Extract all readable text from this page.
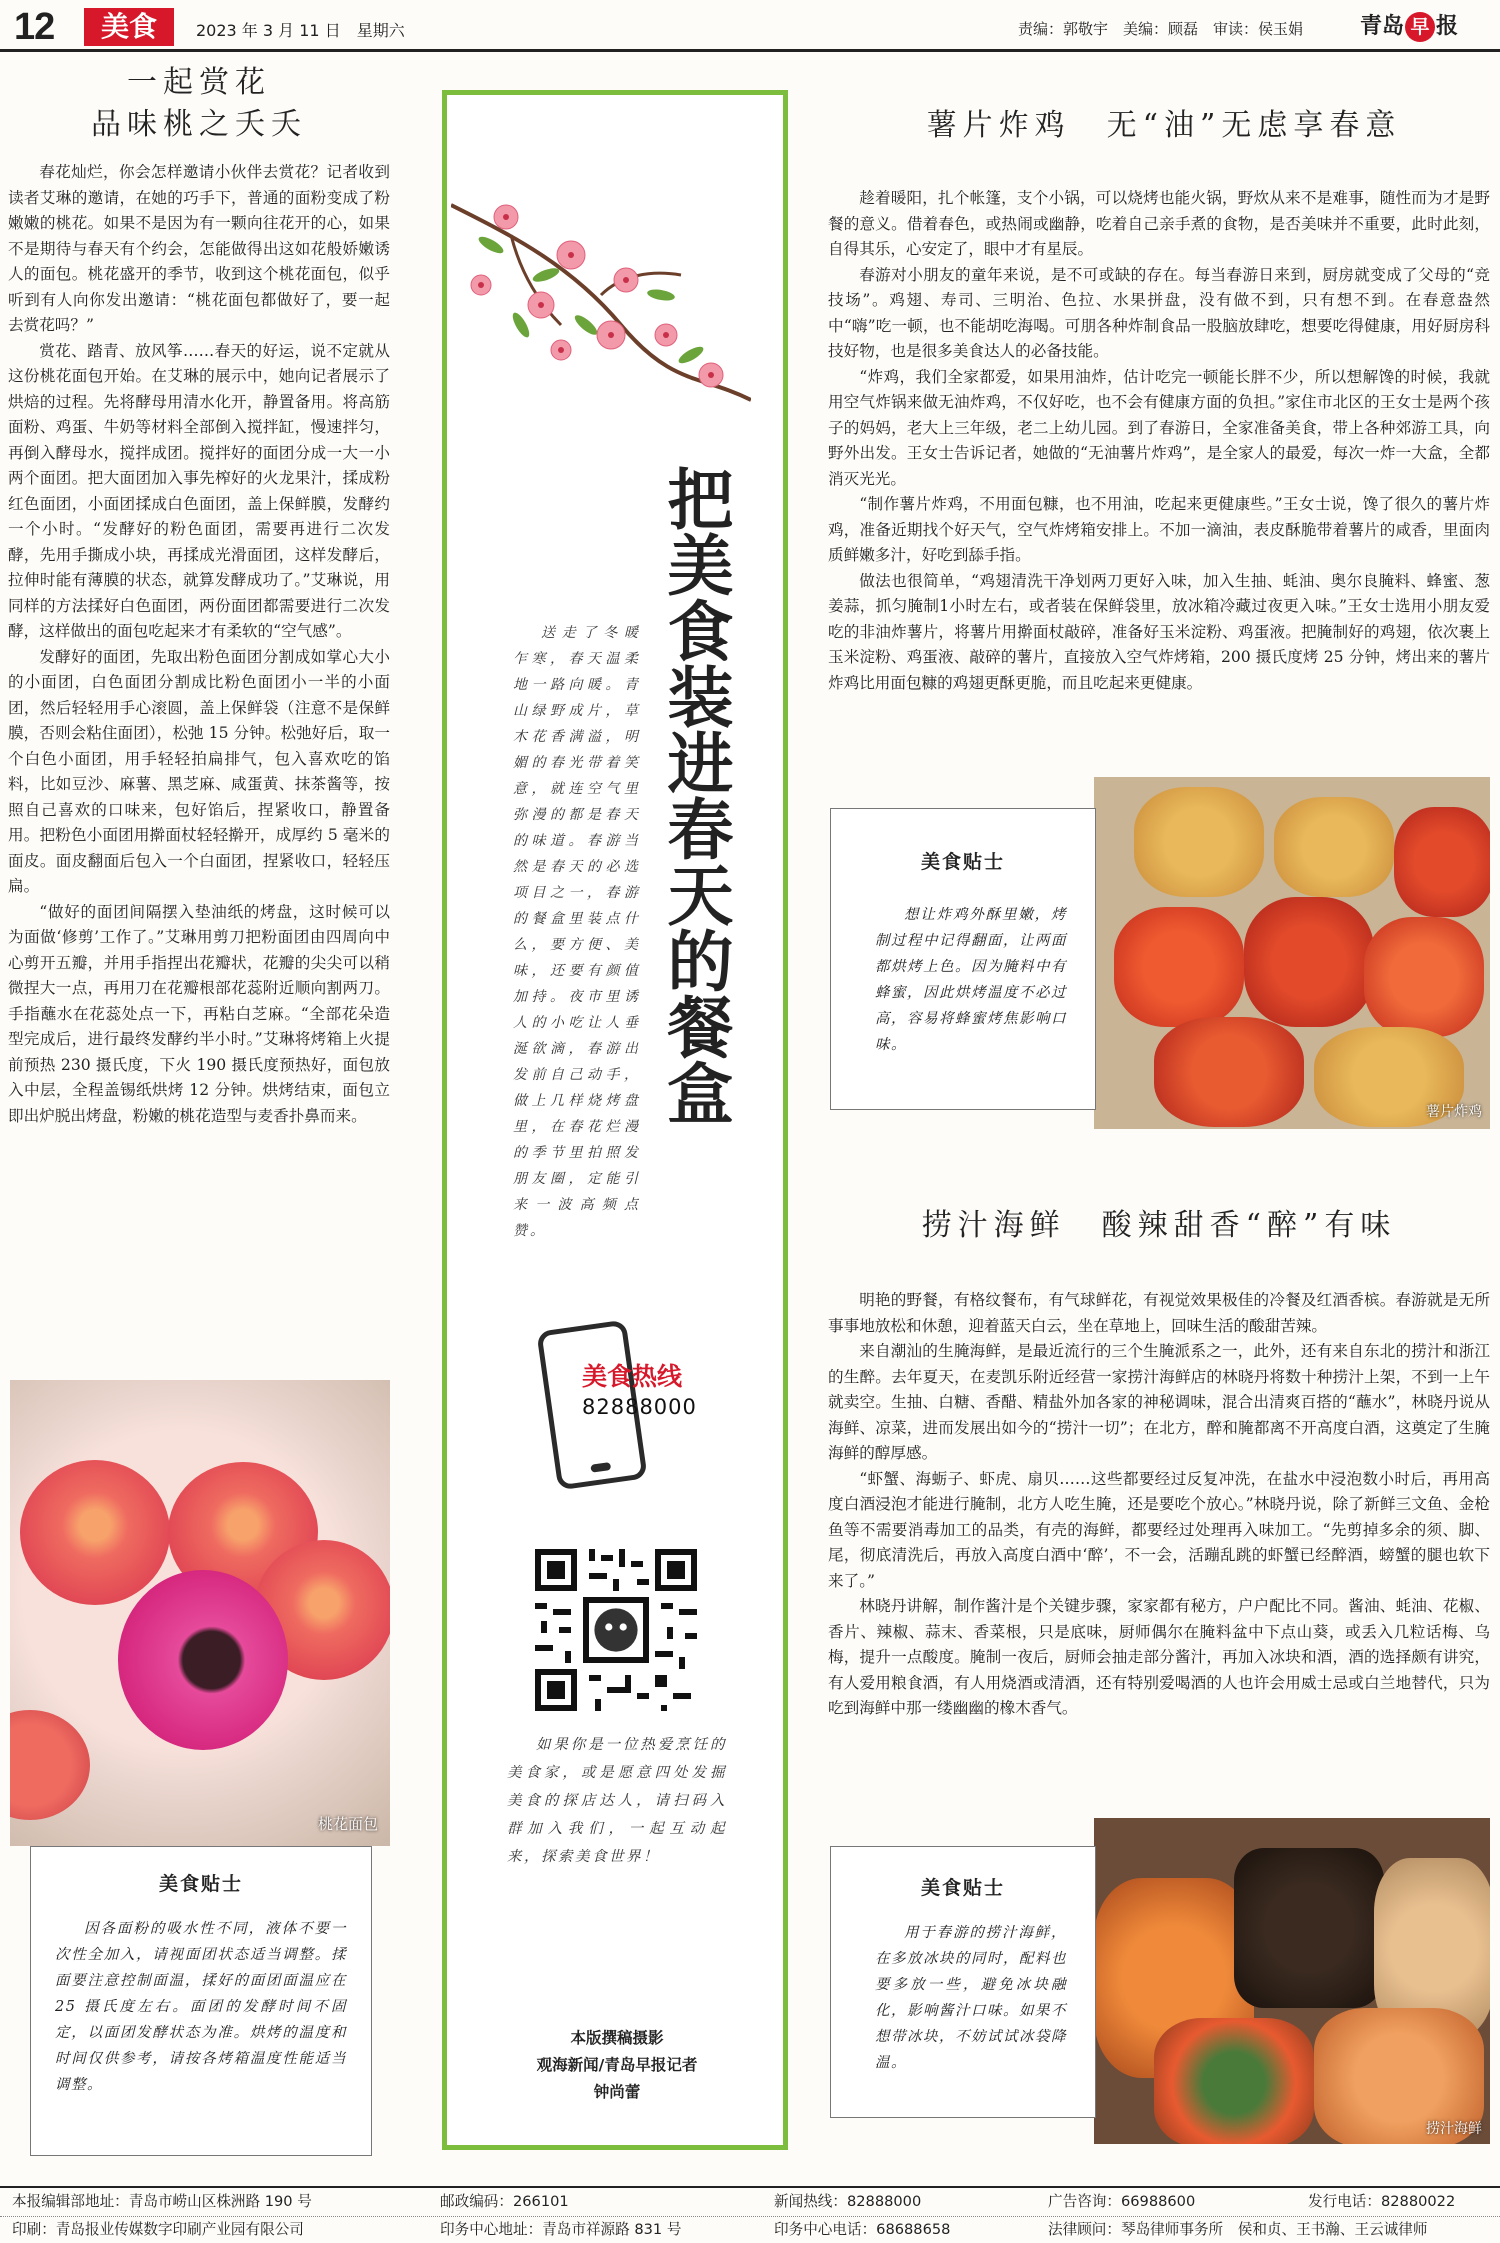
12	美食	2023 年 3 月 11 日　星期六	责编：郭敬宇　美编：顾磊　审读：侯玉娟	青岛 早 报
一起赏花
品味桃之夭夭

春花灿烂，你会怎样邀请小伙伴去赏花？记者收到读者艾琳的邀请，在她的巧手下，普通的面粉变成了粉嫩嫩的桃花。如果不是因为有一颗向往花开的心，如果不是期待与春天有个约会，怎能做得出这如花般娇嫩诱人的面包。桃花盛开的季节，收到这个桃花面包，似乎听到有人向你发出邀请：“桃花面包都做好了，要一起去赏花吗？”

赏花、踏青、放风筝……春天的好运，说不定就从这份桃花面包开始。在艾琳的展示中，她向记者展示了烘焙的过程。先将酵母用清水化开，静置备用。将高筋面粉、鸡蛋、牛奶等材料全部倒入搅拌缸，慢速拌匀，再倒入酵母水，搅拌成团。搅拌好的面团分成一大一小两个面团。把大面团加入事先榨好的火龙果汁，揉成粉红色面团，小面团揉成白色面团，盖上保鲜膜，发酵约一个小时。“发酵好的粉色面团，需要再进行二次发酵，先用手撕成小块，再揉成光滑面团，这样发酵后，拉伸时能有薄膜的状态，就算发酵成功了。”艾琳说，用同样的方法揉好白色面团，两份面团都需要进行二次发酵，这样做出的面包吃起来才有柔软的“空气感”。

发酵好的面团，先取出粉色面团分割成如掌心大小的小面团，白色面团分割成比粉色面团小一半的小面团，然后轻轻用手心滚圆，盖上保鲜袋（注意不是保鲜膜，否则会粘住面团），松弛 15 分钟。松弛好后，取一个白色小面团，用手轻轻拍扁排气，包入喜欢吃的馅料，比如豆沙、麻薯、黑芝麻、咸蛋黄、抹茶酱等，按照自己喜欢的口味来，包好馅后，捏紧收口，静置备用。把粉色小面团用擀面杖轻轻擀开，成厚约 5 毫米的面皮。面皮翻面后包入一个白面团，捏紧收口，轻轻压扁。

“做好的面团间隔摆入垫油纸的烤盘，这时候可以为面做‘修剪’工作了。”艾琳用剪刀把粉面团由四周向中心剪开五瓣，并用手指捏出花瓣状，花瓣的尖尖可以稍微捏大一点，再用刀在花瓣根部花蕊附近顺向割两刀。手指蘸水在花蕊处点一下，再粘白芝麻。“全部花朵造型完成后，进行最终发酵约半小时。”艾琳将烤箱上火提前预热 230 摄氏度，下火 190 摄氏度预热好，面包放入中层，全程盖锡纸烘烤 12 分钟。烘烤结束，面包立即出炉脱出烤盘，粉嫩的桃花造型与麦香扑鼻而来。

桃花面包
美食贴士
因各面粉的吸水性不同，液体不要一次性全加入，请视面团状态适当调整。揉面要注意控制面温，揉好的面团面温应在 25 摄氏度左右。面团的发酵时间不固定，以面团发酵状态为准。烘烤的温度和时间仅供参考，请按各烤箱温度性能适当调整。
把美食装进春天的餐盒
送走了冬暖乍寒，春天温柔地一路向暖。青山绿野成片，草木花香满溢，明媚的春光带着笑意，就连空气里弥漫的都是春天的味道。春游当然是春天的必选项目之一，春游的餐盒里装点什么，要方便、美味，还要有颜值加持。夜市里诱人的小吃让人垂涎欲滴，春游出发前自己动手，做上几样烧烤盘里，在春花烂漫的季节里拍照发朋友圈，定能引来一波高频点赞。
美食热线
82888000
如果你是一位热爱烹饪的美食家，或是愿意四处发掘美食的探店达人，请扫码入群加入我们，一起互动起来，探索美食世界！
本版撰稿摄影
观海新闻/青岛早报记者
钟尚蕾
薯片炸鸡　无“油”无虑享春意

趁着暖阳，扎个帐篷，支个小锅，可以烧烤也能火锅，野炊从来不是难事，随性而为才是野餐的意义。借着春色，或热闹或幽静，吃着自己亲手煮的食物，是否美味并不重要，此时此刻，自得其乐，心安定了，眼中才有星辰。

春游对小朋友的童年来说，是不可或缺的存在。每当春游日来到，厨房就变成了父母的“竞技场”。鸡翅、寿司、三明治、色拉、水果拼盘，没有做不到，只有想不到。在春意盎然中“嗨”吃一顿，也不能胡吃海喝。可朋各种炸制食品一股脑放肆吃，想要吃得健康，用好厨房科技好物，也是很多美食达人的必备技能。

“炸鸡，我们全家都爱，如果用油炸，估计吃完一顿能长胖不少，所以想解馋的时候，我就用空气炸锅来做无油炸鸡，不仅好吃，也不会有健康方面的负担。”家住市北区的王女士是两个孩子的妈妈，老大上三年级，老二上幼儿园。到了春游日，全家准备美食，带上各种郊游工具，向野外出发。王女士告诉记者，她做的“无油薯片炸鸡”，是全家人的最爱，每次一炸一大盒，全都消灭光光。

“制作薯片炸鸡，不用面包糠，也不用油，吃起来更健康些。”王女士说，馋了很久的薯片炸鸡，准备近期找个好天气，空气炸烤箱安排上。不加一滴油，表皮酥脆带着薯片的咸香，里面肉质鲜嫩多汁，好吃到舔手指。

做法也很简单，“鸡翅清洗干净划两刀更好入味，加入生抽、蚝油、奥尔良腌料、蜂蜜、葱姜蒜，抓匀腌制1小时左右，或者装在保鲜袋里，放冰箱冷藏过夜更入味。”王女士选用小朋友爱吃的非油炸薯片，将薯片用擀面杖敲碎，准备好玉米淀粉、鸡蛋液。把腌制好的鸡翅，依次裹上玉米淀粉、鸡蛋液、敲碎的薯片，直接放入空气炸烤箱，200 摄氏度烤 25 分钟，烤出来的薯片炸鸡比用面包糠的鸡翅更酥更脆，而且吃起来更健康。

薯片炸鸡
美食贴士
想让炸鸡外酥里嫩，烤制过程中记得翻面，让两面都烘烤上色。因为腌料中有蜂蜜，因此烘烤温度不必过高，容易将蜂蜜烤焦影响口味。
捞汁海鲜　酸辣甜香“醉”有味

明艳的野餐，有格纹餐布，有气球鲜花，有视觉效果极佳的冷餐及红酒香槟。春游就是无所事事地放松和休憩，迎着蓝天白云，坐在草地上，回味生活的酸甜苦辣。

来自潮汕的生腌海鲜，是最近流行的三个生腌派系之一，此外，还有来自东北的捞汁和浙江的生醉。去年夏天，在麦凯乐附近经营一家捞汁海鲜店的林晓丹将数十种捞汁上架，不到一上午就卖空。生抽、白糖、香醋、精盐外加各家的神秘调味，混合出清爽百搭的“蘸水”，林晓丹说从海鲜、凉菜，进而发展出如今的“捞汁一切”；在北方，醉和腌都离不开高度白酒，这奠定了生腌海鲜的醇厚感。

“虾蟹、海蛎子、虾虎、扇贝……这些都要经过反复冲洗，在盐水中浸泡数小时后，再用高度白酒浸泡才能进行腌制，北方人吃生腌，还是要吃个放心。”林晓丹说，除了新鲜三文鱼、金枪鱼等不需要消毒加工的品类，有壳的海鲜，都要经过处理再入味加工。“先剪掉多余的须、脚、尾，彻底清洗后，再放入高度白酒中‘醉’，不一会，活蹦乱跳的虾蟹已经醉酒，螃蟹的腿也软下来了。”

林晓丹讲解，制作酱汁是个关键步骤，家家都有秘方，户户配比不同。酱油、蚝油、花椒、香片、辣椒、蒜末、香菜根，只是底味，厨师偶尔在腌料盆中下点山葵，或丢入几粒话梅、乌梅，提升一点酸度。腌制一夜后，厨师会抽走部分酱汁，再加入冰块和酒，酒的选择颇有讲究，有人爱用粮食酒，有人用烧酒或清酒，还有特别爱喝酒的人也许会用威士忌或白兰地替代，只为吃到海鲜中那一缕幽幽的橡木香气。

捞汁海鲜
美食贴士
用于春游的捞汁海鲜，在多放冰块的同时，配料也要多放一些，避免冰块融化，影响酱汁口味。如果不想带冰块，不妨试试冰袋降温。
本报编辑部地址：青岛市崂山区株洲路 190 号	邮政编码：266101	新闻热线：82888000	广告咨询：66988600	发行电话：82880022
印刷：青岛报业传媒数字印刷产业园有限公司	印务中心地址：青岛市祥源路 831 号	印务中心电话：68688658	法律顾问：琴岛律师事务所　侯和贞、王书瀚、王云诚律师
